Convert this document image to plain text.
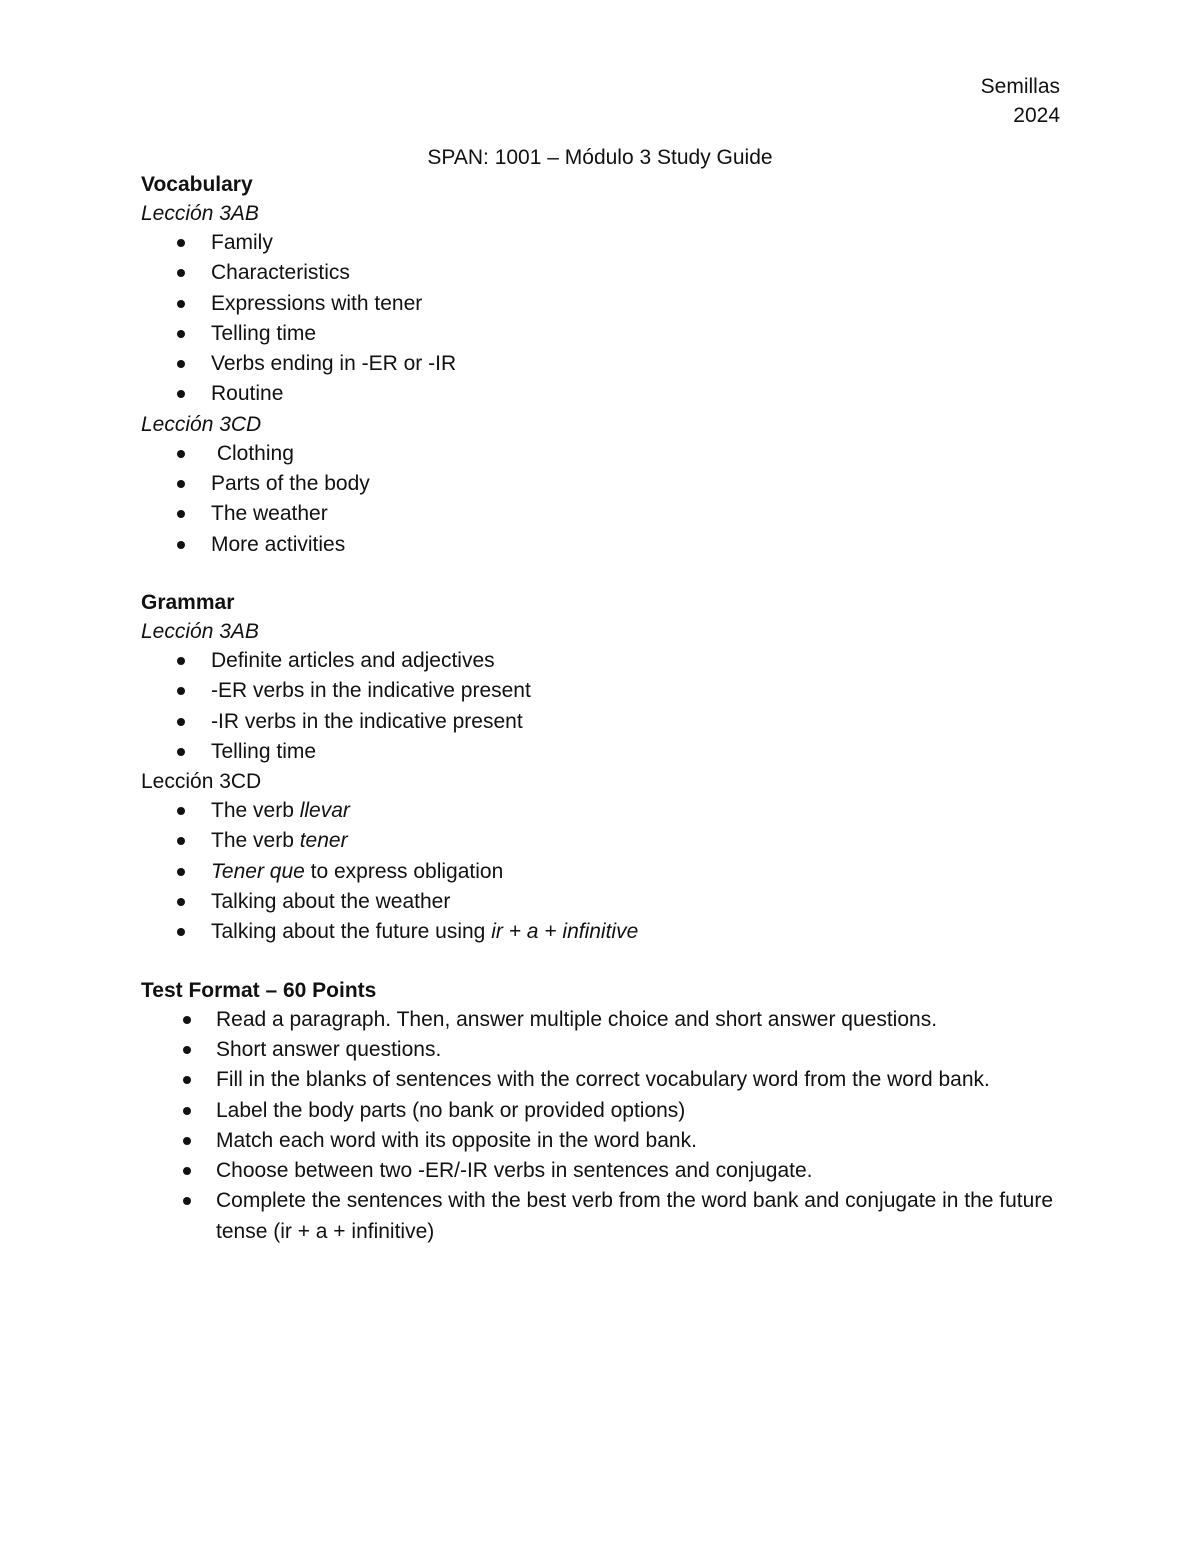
Semillas
2024
SPAN: 1001 – Módulo 3 Study Guide
Vocabulary
Lección 3AB
Family
Characteristics
Expressions with tener
Telling time
Verbs ending in -ER or -IR
Routine
Lección 3CD
Clothing
Parts of the body
The weather
More activities
Grammar
Lección 3AB
Definite articles and adjectives
-ER verbs in the indicative present
-IR verbs in the indicative present
Telling time
Lección 3CD
The verb llevar
The verb tener
Tener que to express obligation
Talking about the weather
Talking about the future using ir + a + infinitive
Test Format – 60 Points
Read a paragraph. Then, answer multiple choice and short answer questions.
Short answer questions.
Fill in the blanks of sentences with the correct vocabulary word from the word bank.
Label the body parts (no bank or provided options)
Match each word with its opposite in the word bank.
Choose between two -ER/-IR verbs in sentences and conjugate.
Complete the sentences with the best verb from the word bank and conjugate in the future tense (ir + a + infinitive)
